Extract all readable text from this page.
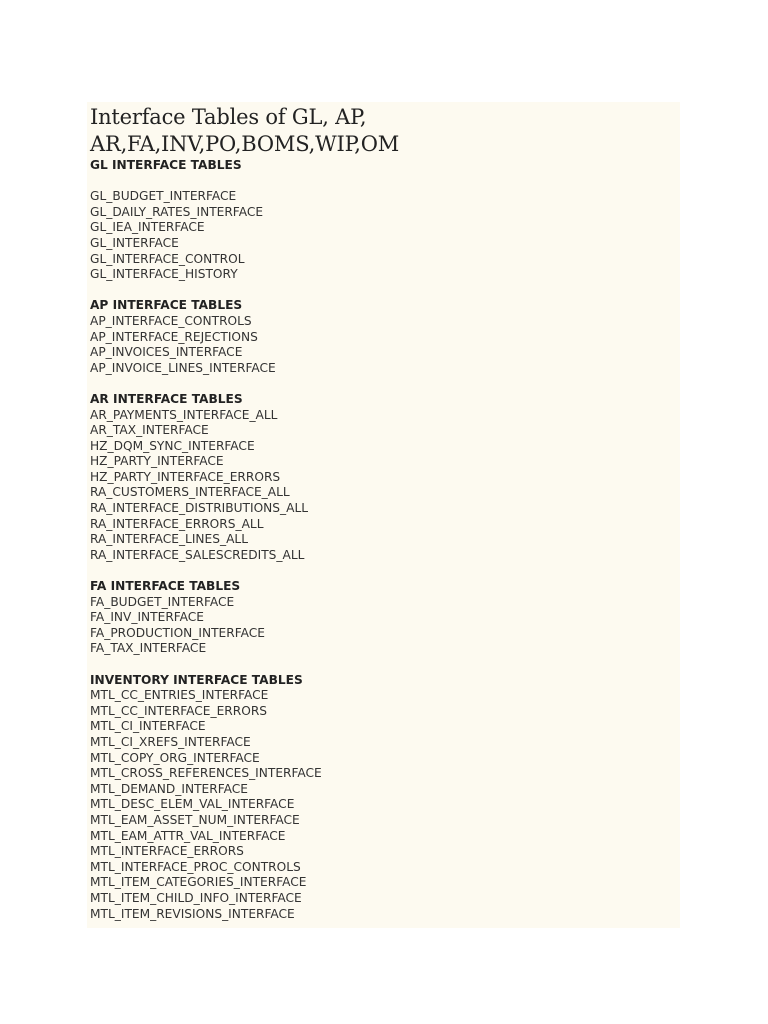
Interface Tables of GL, AP,
AR,FA,INV,PO,BOMS,WIP,OM
GL INTERFACE TABLES
GL_BUDGET_INTERFACE
GL_DAILY_RATES_INTERFACE
GL_IEA_INTERFACE
GL_INTERFACE
GL_INTERFACE_CONTROL
GL_INTERFACE_HISTORY
AP INTERFACE TABLES
AP_INTERFACE_CONTROLS
AP_INTERFACE_REJECTIONS
AP_INVOICES_INTERFACE
AP_INVOICE_LINES_INTERFACE
AR INTERFACE TABLES
AR_PAYMENTS_INTERFACE_ALL
AR_TAX_INTERFACE
HZ_DQM_SYNC_INTERFACE
HZ_PARTY_INTERFACE
HZ_PARTY_INTERFACE_ERRORS
RA_CUSTOMERS_INTERFACE_ALL
RA_INTERFACE_DISTRIBUTIONS_ALL
RA_INTERFACE_ERRORS_ALL
RA_INTERFACE_LINES_ALL
RA_INTERFACE_SALESCREDITS_ALL
FA INTERFACE TABLES
FA_BUDGET_INTERFACE
FA_INV_INTERFACE
FA_PRODUCTION_INTERFACE
FA_TAX_INTERFACE
INVENTORY INTERFACE TABLES
MTL_CC_ENTRIES_INTERFACE
MTL_CC_INTERFACE_ERRORS
MTL_CI_INTERFACE
MTL_CI_XREFS_INTERFACE
MTL_COPY_ORG_INTERFACE
MTL_CROSS_REFERENCES_INTERFACE
MTL_DEMAND_INTERFACE
MTL_DESC_ELEM_VAL_INTERFACE
MTL_EAM_ASSET_NUM_INTERFACE
MTL_EAM_ATTR_VAL_INTERFACE
MTL_INTERFACE_ERRORS
MTL_INTERFACE_PROC_CONTROLS
MTL_ITEM_CATEGORIES_INTERFACE
MTL_ITEM_CHILD_INFO_INTERFACE
MTL_ITEM_REVISIONS_INTERFACE
